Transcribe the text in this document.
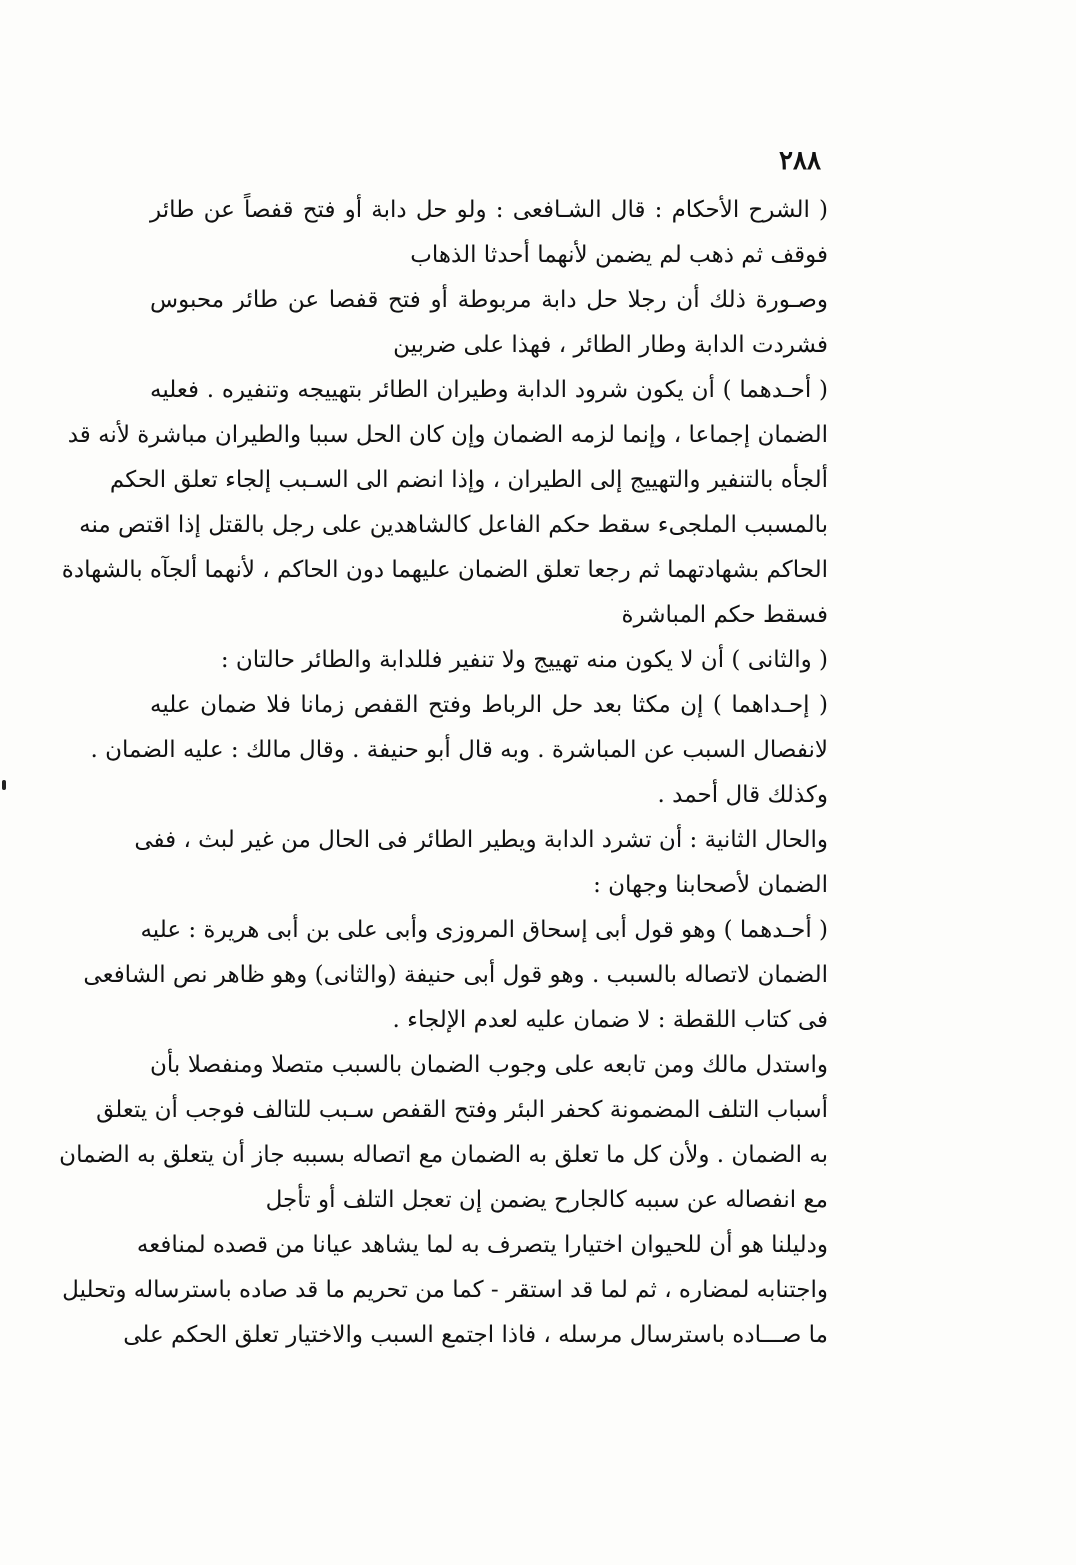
٢٨٨

( الشرح الأحكام : قال الشـافعى : ولو حل دابة أو فتح قفصاً عن طائر
فوقف ثم ذهب لم يضمن لأنهما أحدثا الذهاب

وصـورة ذلك أن رجلا حل دابة مربوطة أو فتح قفصا عن طائر محبوس
فشردت الدابة وطار الطائر ، فهذا على ضربين

( أحـدهما ) أن يكون شرود الدابة وطيران الطائر بتهييجه وتنفيره . فعليه
الضمان إجماعا ، وإنما لزمه الضمان وإن كان الحل سببا والطيران مباشرة لأنه قد
ألجأه بالتنفير والتهييج إلى الطيران ، وإذا انضم الى السـبب إلجاء تعلق الحكم
بالمسبب الملجىء سقط حكم الفاعل كالشاهدين على رجل بالقتل إذا اقتص منه
الحاكم بشهادتهما ثم رجعا تعلق الضمان عليهما دون الحاكم ، لأنهما ألجآه بالشهادة
فسقط حكم المباشرة

( والثانى ) أن لا يكون منه تهييج ولا تنفير فللدابة والطائر حالتان :

( إحـداهما ) إن مكثا بعد حل الرباط وفتح القفص زمانا فلا ضمان عليه
لانفصال السبب عن المباشرة . وبه قال أبو حنيفة . وقال مالك : عليه الضمان .
وكذلك قال أحمد .

والحال الثانية : أن تشرد الدابة ويطير الطائر فى الحال من غير لبث ، ففى
الضمان لأصحابنا وجهان :

( أحـدهما ) وهو قول أبى إسحاق المروزى وأبى على بن أبى هريرة : عليه
الضمان لاتصاله بالسبب . وهو قول أبى حنيفة (والثانى) وهو ظاهر نص الشافعى
فى كتاب اللقطة : لا ضمان عليه لعدم الإلجاء .

واستدل مالك ومن تابعه على وجوب الضمان بالسبب متصلا ومنفصلا بأن
أسباب التلف المضمونة كحفر البئر وفتح القفص سـبب للتالف فوجب أن يتعلق
به الضمان . ولأن كل ما تعلق به الضمان مع اتصاله بسببه جاز أن يتعلق به الضمان
مع انفصاله عن سببه كالجارح يضمن إن تعجل التلف أو تأجل

ودليلنا هو أن للحيوان اختيارا يتصرف به لما يشاهد عيانا من قصده لمنافعه
واجتنابه لمضاره ، ثم لما قد استقر - كما من تحريم ما قد صاده باسترساله وتحليل
ما صـــاده باسترسال مرسله ، فاذا اجتمع السبب والاختيار تعلق الحكم على
